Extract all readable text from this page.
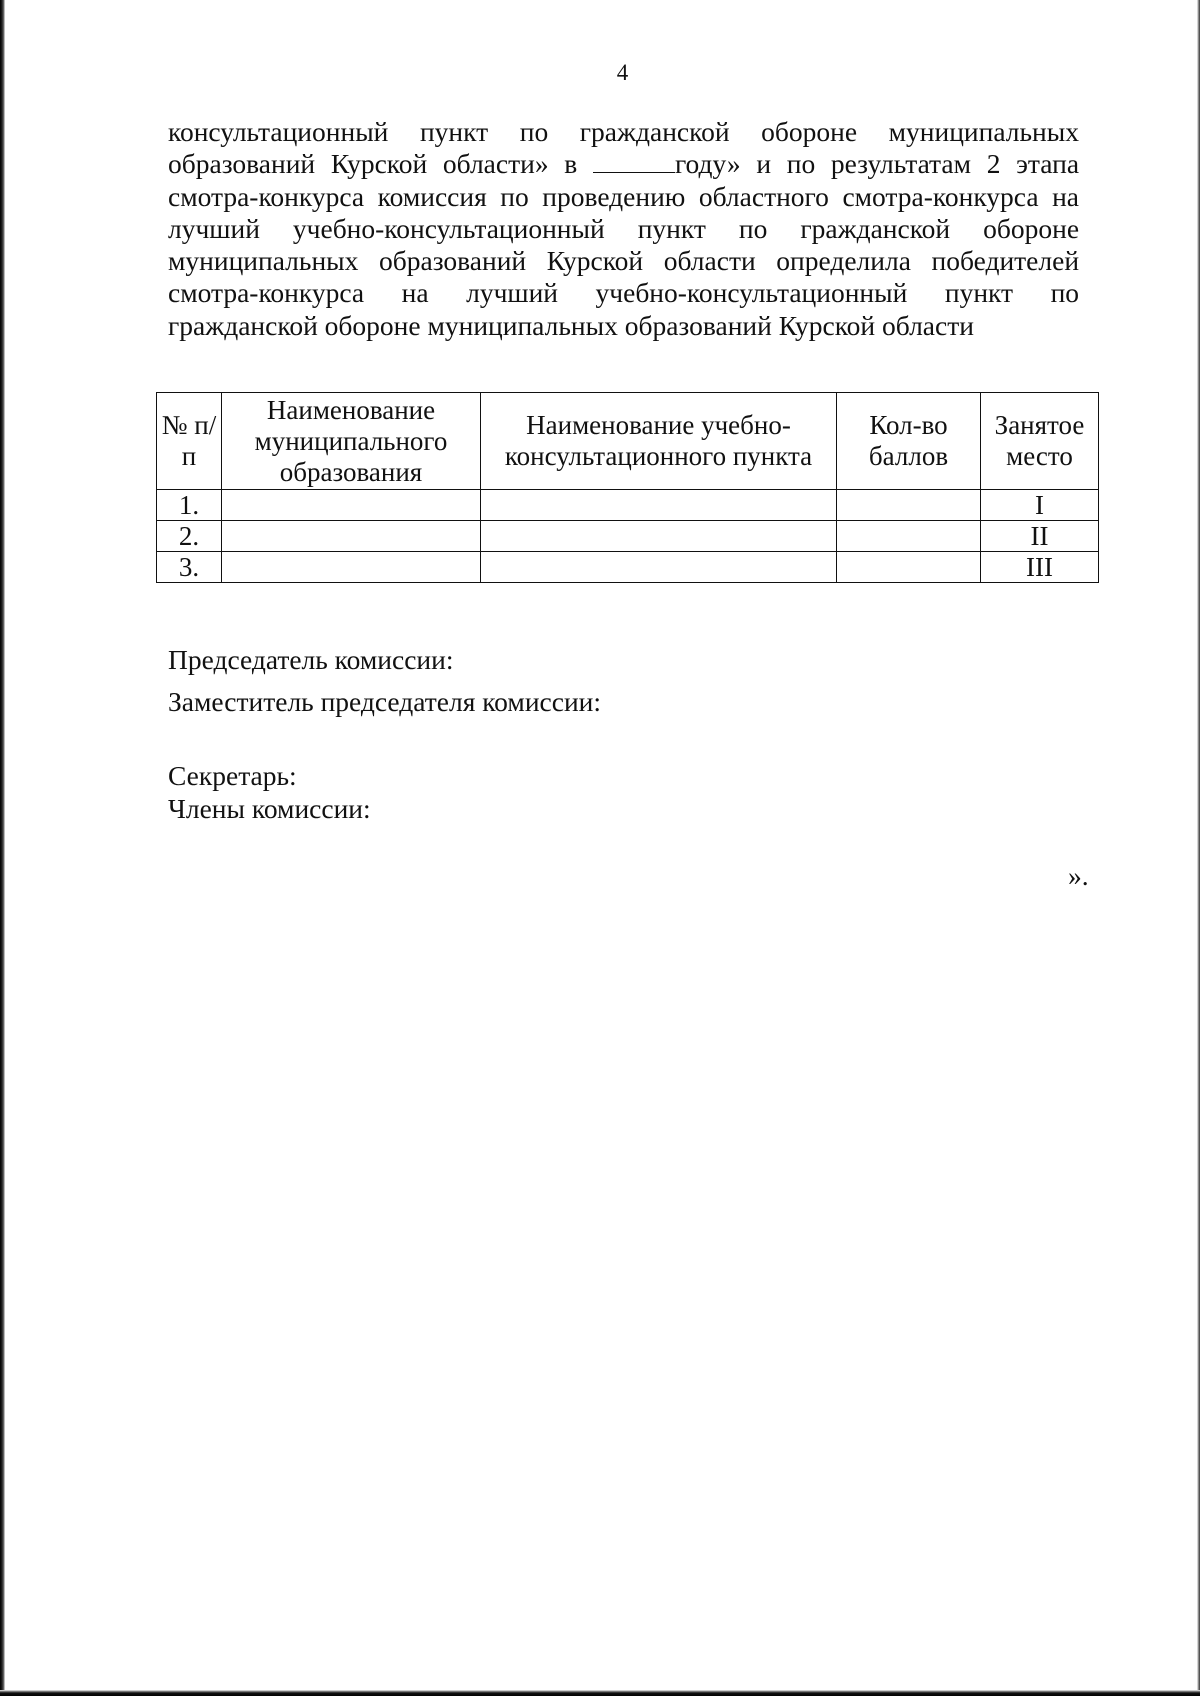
4
консультационный пункт по гражданской обороне муниципальных
образований Курской области» в	году» и по результатам 2 этапа
смотра-конкурса комиссия по проведению областного смотра-конкурса на
лучший учебно-консультационный пункт по гражданской обороне
муниципальных образований Курской области определила победителей
смотра-конкурса на лучший учебно-консультационный пункт по
гражданской обороне муниципальных образований Курской области
№ п/п	Наименование муниципального образования	Наименование учебно-консультационного пункта	Кол-во баллов	Занятое место
1.				I
2.				II
3.				III
Председатель комиссии:
Заместитель председателя комиссии:
Секретарь:
Члены комиссии:
».
